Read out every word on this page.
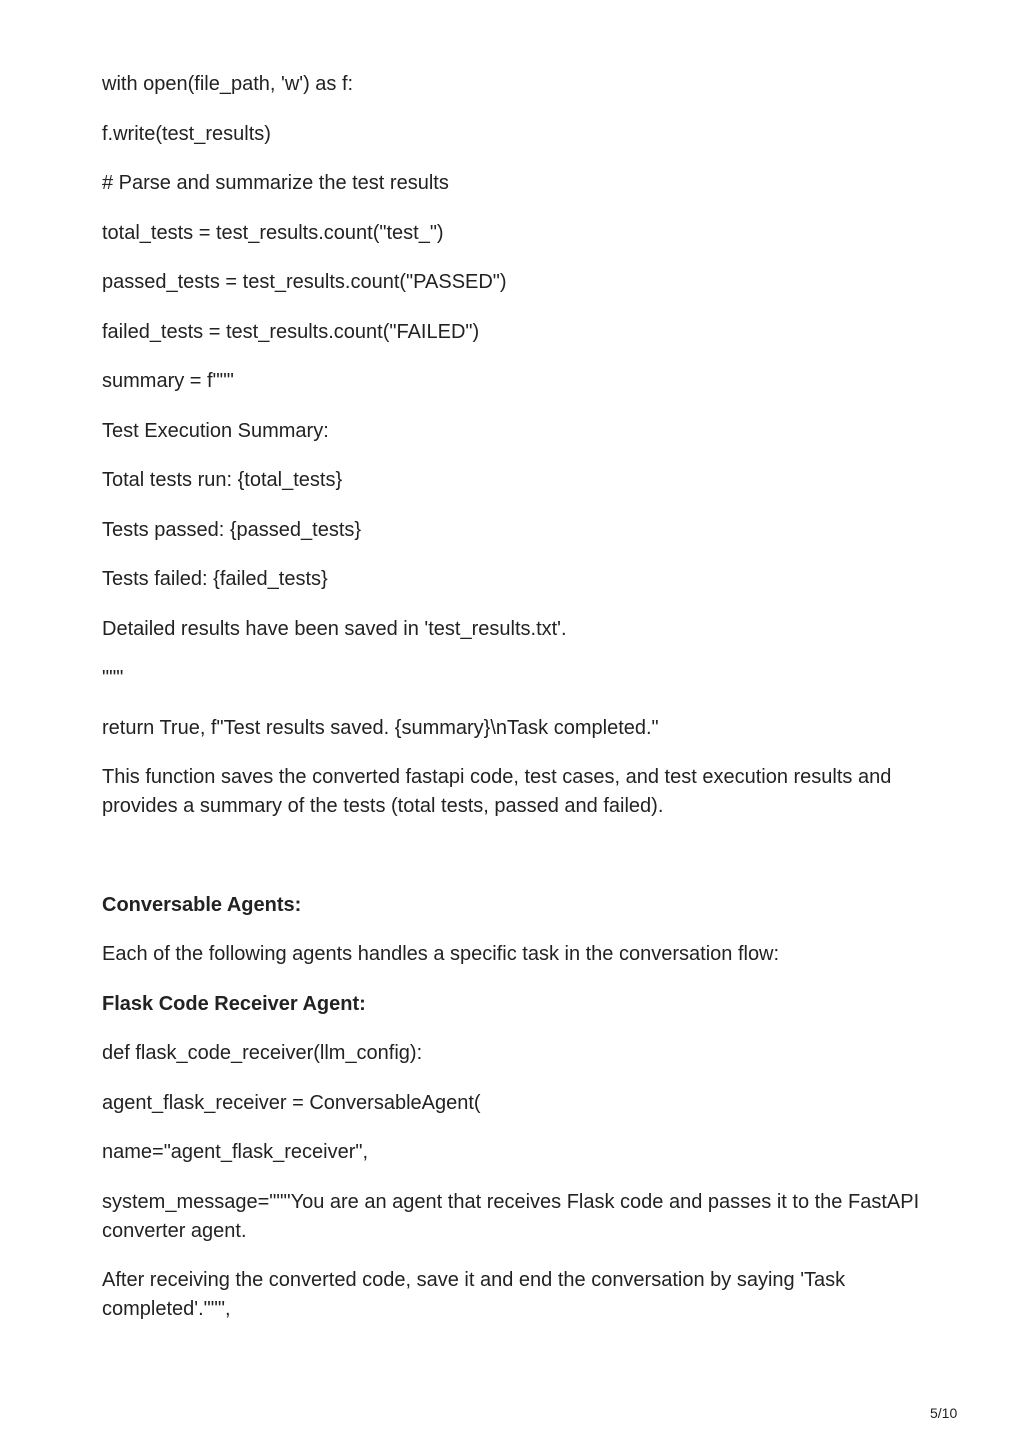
with open(file_path, 'w') as f:

f.write(test_results)

# Parse and summarize the test results

total_tests = test_results.count("test_")

passed_tests = test_results.count("PASSED")

failed_tests = test_results.count("FAILED")

summary = f"""

Test Execution Summary:

Total tests run: {total_tests}

Tests passed: {passed_tests}

Tests failed: {failed_tests}

Detailed results have been saved in 'test_results.txt'.

"""

return True, f"Test results saved. {summary}\nTask completed."

This function saves the converted fastapi code, test cases, and test execution results and provides a summary of the tests (total tests, passed and failed).

Conversable Agents:

Each of the following agents handles a specific task in the conversation flow:

Flask Code Receiver Agent:

def flask_code_receiver(llm_config):

agent_flask_receiver = ConversableAgent(

name="agent_flask_receiver",

system_message="""You are an agent that receives Flask code and passes it to the FastAPI converter agent.

After receiving the converted code, save it and end the conversation by saying 'Task completed'.""",

5/10
